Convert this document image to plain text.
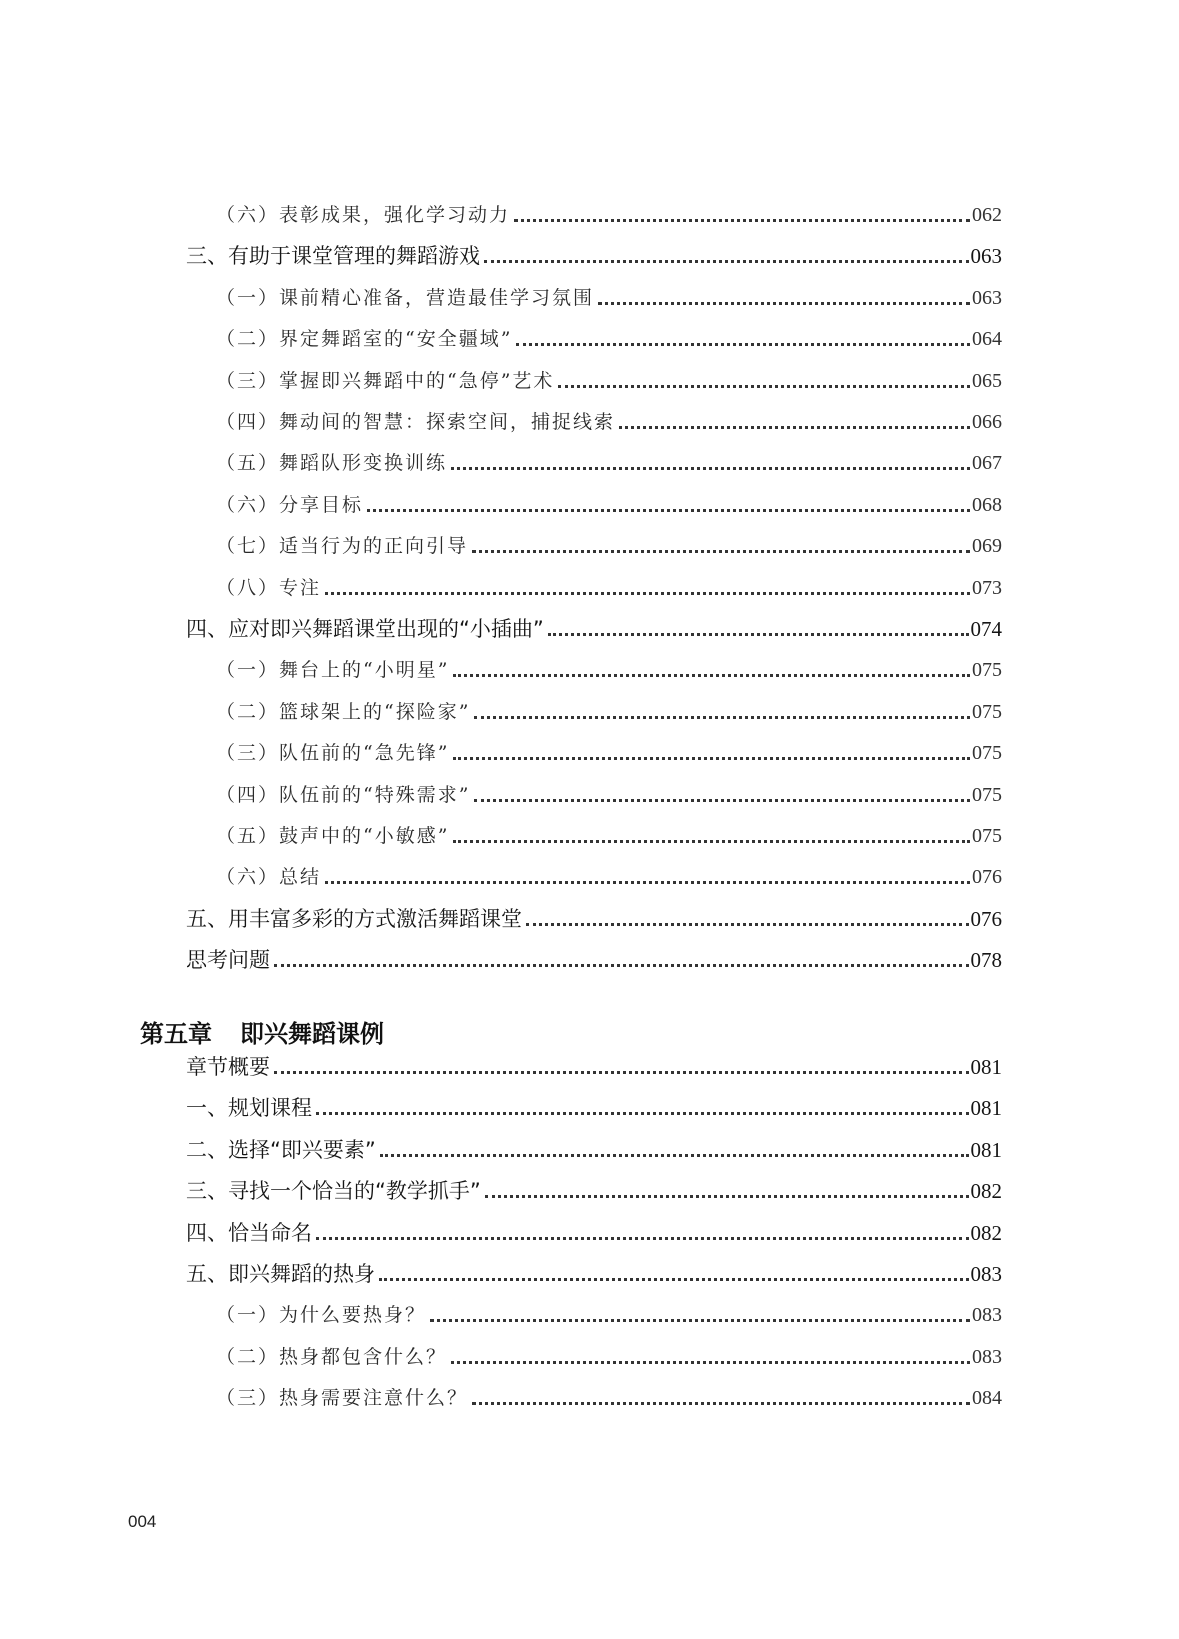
（六）表彰成果，强化学习动力	062
三、有助于课堂管理的舞蹈游戏	063
（一）课前精心准备，营造最佳学习氛围	063
（二）界定舞蹈室的“安全疆域”	064
（三）掌握即兴舞蹈中的“急停”艺术	065
（四）舞动间的智慧：探索空间，捕捉线索	066
（五）舞蹈队形变换训练	067
（六）分享目标	068
（七）适当行为的正向引导	069
（八）专注	073
四、应对即兴舞蹈课堂出现的“小插曲”	074
（一）舞台上的“小明星”	075
（二）篮球架上的“探险家”	075
（三）队伍前的“急先锋”	075
（四）队伍前的“特殊需求”	075
（五）鼓声中的“小敏感”	075
（六）总结	076
五、用丰富多彩的方式激活舞蹈课堂	076
思考问题	078
第五章 即兴舞蹈课例
章节概要	081
一、规划课程	081
二、选择“即兴要素”	081
三、寻找一个恰当的“教学抓手”	082
四、恰当命名	082
五、即兴舞蹈的热身	083
（一）为什么要热身？	083
（二）热身都包含什么？	083
（三）热身需要注意什么？	084
004
